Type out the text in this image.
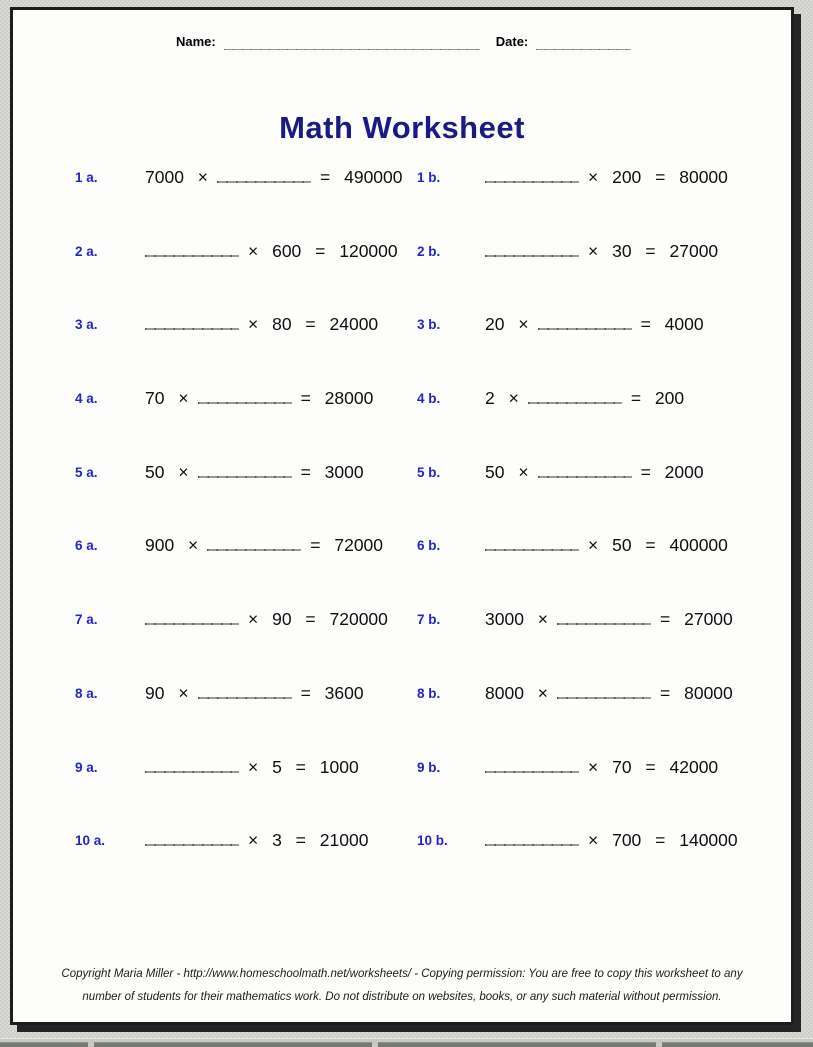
Name:	Date:
Math Worksheet
1 a.	7000 ×	= 490000	1 b.	× 200 = 80000
2 a.	× 600 = 120000	2 b.	× 30 = 27000
3 a.	× 80 = 24000	3 b.	20 ×	= 4000
4 a.	70 ×	= 28000	4 b.	2 ×	= 200
5 a.	50 ×	= 3000	5 b.	50 ×	= 2000
6 a.	900 ×	= 72000	6 b.	× 50 = 400000
7 a.	× 90 = 720000	7 b.	3000 ×	= 27000
8 a.	90 ×	= 3600	8 b.	8000 ×	= 80000
9 a.	× 5 = 1000	9 b.	× 70 = 42000
10 a.	× 3 = 21000	10 b.	× 700 = 140000
Copyright Maria Miller - http://www.homeschoolmath.net/worksheets/ - Copying permission: You are free to copy this worksheet to any
number of students for their mathematics work. Do not distribute on websites, books, or any such material without permission.
